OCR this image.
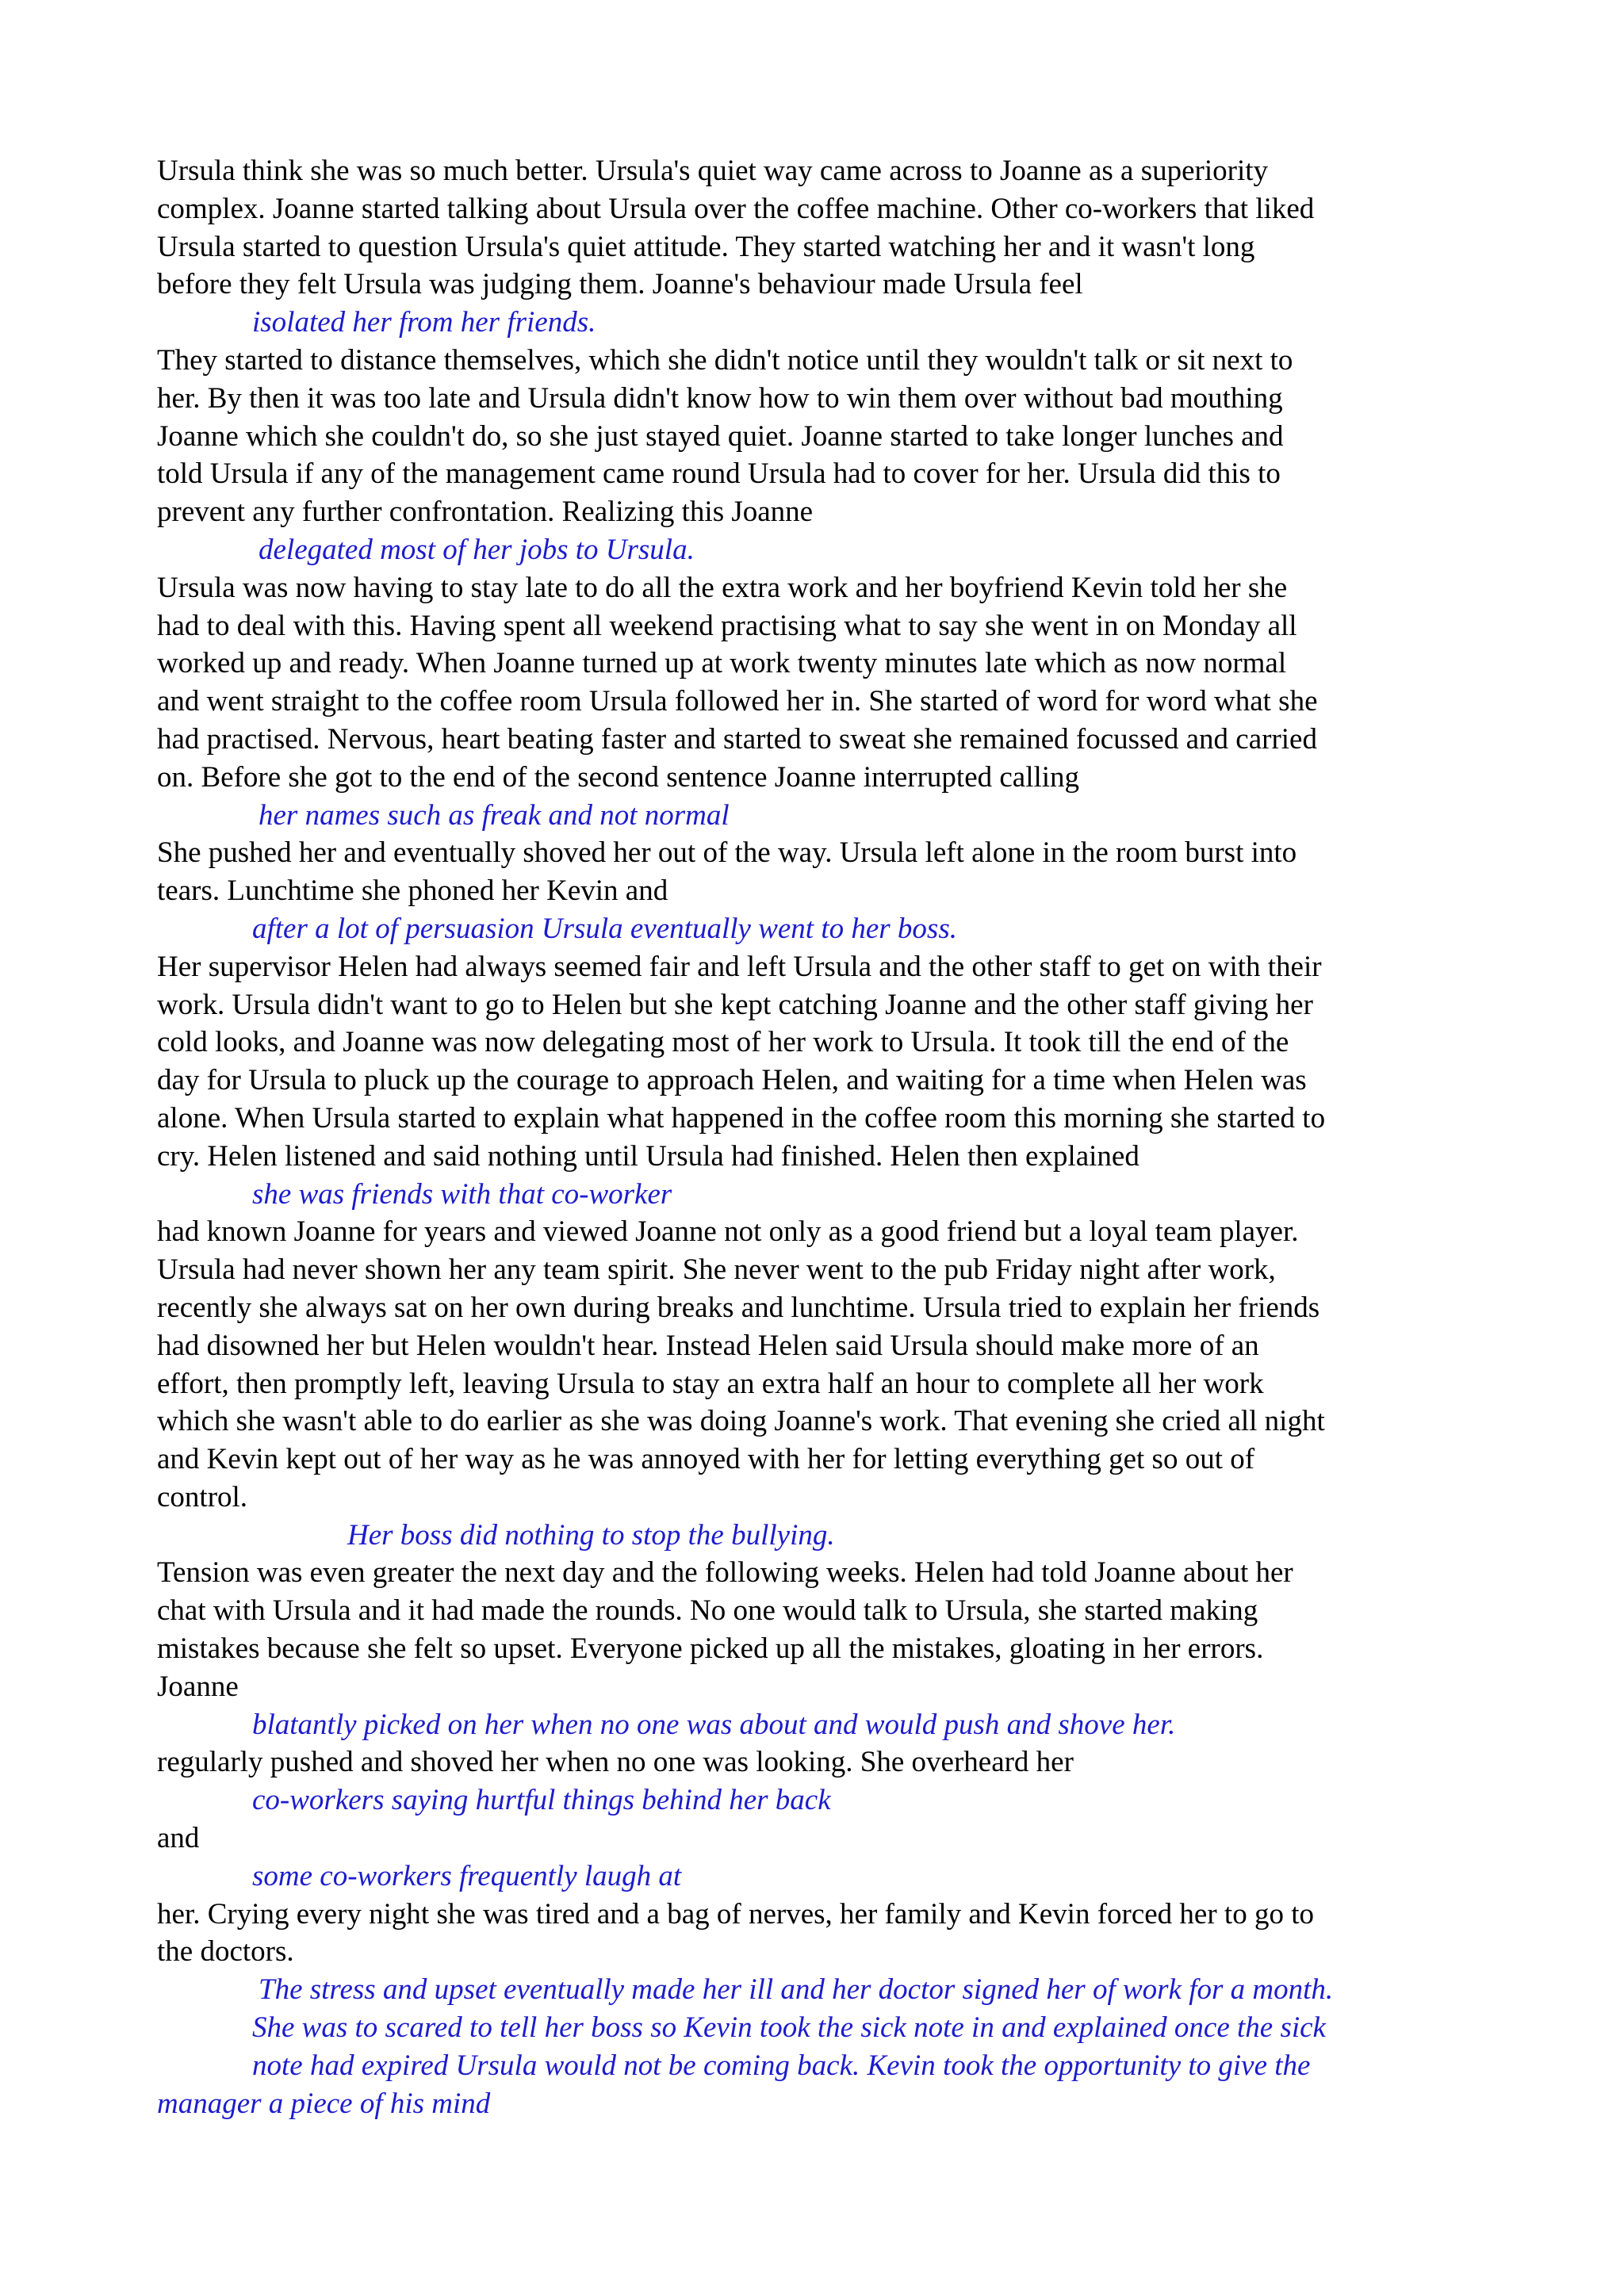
Ursula think she was so much better. Ursula's quiet way came across to Joanne as a superiority
complex. Joanne started talking about Ursula over the coffee machine. Other co-workers that liked
Ursula started to question Ursula's quiet attitude. They started watching her and it wasn't long
before they felt Ursula was judging them. Joanne's behaviour made Ursula feel
isolated her from her friends.
They started to distance themselves, which she didn't notice until they wouldn't talk or sit next to
her. By then it was too late and Ursula didn't know how to win them over without bad mouthing
Joanne which she couldn't do, so she just stayed quiet. Joanne started to take longer lunches and
told Ursula if any of the management came round Ursula had to cover for her. Ursula did this to
prevent any further confrontation. Realizing this Joanne
delegated most of her jobs to Ursula.
Ursula was now having to stay late to do all the extra work and her boyfriend Kevin told her she
had to deal with this. Having spent all weekend practising what to say she went in on Monday all
worked up and ready. When Joanne turned up at work twenty minutes late which as now normal
and went straight to the coffee room Ursula followed her in. She started of word for word what she
had practised. Nervous, heart beating faster and started to sweat she remained focussed and carried
on. Before she got to the end of the second sentence Joanne interrupted calling
her names such as freak and not normal
She pushed her and eventually shoved her out of the way. Ursula left alone in the room burst into
tears. Lunchtime she phoned her Kevin and
after a lot of persuasion Ursula eventually went to her boss.
Her supervisor Helen had always seemed fair and left Ursula and the other staff to get on with their
work. Ursula didn't want to go to Helen but she kept catching Joanne and the other staff giving her
cold looks, and Joanne was now delegating most of her work to Ursula. It took till the end of the
day for Ursula to pluck up the courage to approach Helen, and waiting for a time when Helen was
alone. When Ursula started to explain what happened in the coffee room this morning she started to
cry. Helen listened and said nothing until Ursula had finished. Helen then explained
she was friends with that co-worker
had known Joanne for years and viewed Joanne not only as a good friend but a loyal team player.
Ursula had never shown her any team spirit. She never went to the pub Friday night after work,
recently she always sat on her own during breaks and lunchtime. Ursula tried to explain her friends
had disowned her but Helen wouldn't hear. Instead Helen said Ursula should make more of an
effort, then promptly left, leaving Ursula to stay an extra half an hour to complete all her work
which she wasn't able to do earlier as she was doing Joanne's work. That evening she cried all night
and Kevin kept out of her way as he was annoyed with her for letting everything get so out of
control.
Her boss did nothing to stop the bullying.
Tension was even greater the next day and the following weeks. Helen had told Joanne about her
chat with Ursula and it had made the rounds. No one would talk to Ursula, she started making
mistakes because she felt so upset. Everyone picked up all the mistakes, gloating in her errors.
Joanne
blatantly picked on her when no one was about and would push and shove her.
regularly pushed and shoved her when no one was looking. She overheard her
co-workers saying hurtful things behind her back
and
some co-workers frequently laugh at
her. Crying every night she was tired and a bag of nerves, her family and Kevin forced her to go to
the doctors.
The stress and upset eventually made her ill and her doctor signed her of work for a month.
She was to scared to tell her boss so Kevin took the sick note in and explained once the sick
note had expired Ursula would not be coming back. Kevin took the opportunity to give the
manager a piece of his mind
